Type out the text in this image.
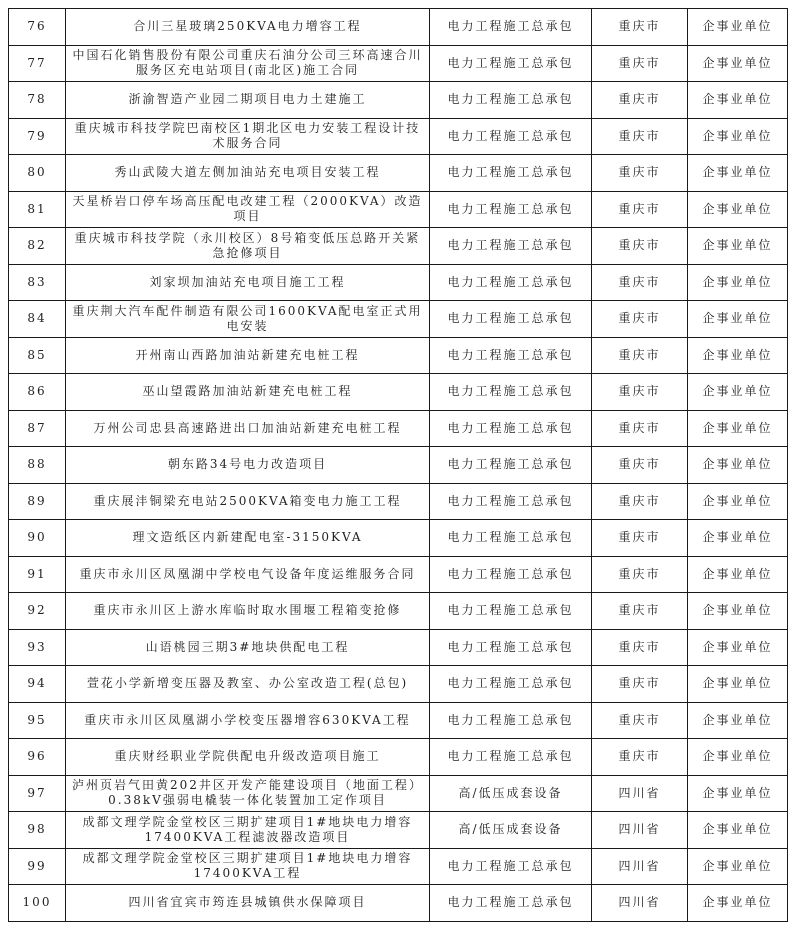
76	合川三星玻璃250KVA电力增容工程	电力工程施工总承包	重庆市	企事业单位
77	中国石化销售股份有限公司重庆石油分公司三环高速合川服务区充电站项目(南北区)施工合同	电力工程施工总承包	重庆市	企事业单位
78	浙渝智造产业园二期项目电力土建施工	电力工程施工总承包	重庆市	企事业单位
79	重庆城市科技学院巴南校区1期北区电力安装工程设计技术服务合同	电力工程施工总承包	重庆市	企事业单位
80	秀山武陵大道左侧加油站充电项目安装工程	电力工程施工总承包	重庆市	企事业单位
81	天星桥岩口停车场高压配电改建工程（2000KVA）改造项目	电力工程施工总承包	重庆市	企事业单位
82	重庆城市科技学院（永川校区）8号箱变低压总路开关紧急抢修项目	电力工程施工总承包	重庆市	企事业单位
83	刘家坝加油站充电项目施工工程	电力工程施工总承包	重庆市	企事业单位
84	重庆荆大汽车配件制造有限公司1600KVA配电室正式用电安装	电力工程施工总承包	重庆市	企事业单位
85	开州南山西路加油站新建充电桩工程	电力工程施工总承包	重庆市	企事业单位
86	巫山望霞路加油站新建充电桩工程	电力工程施工总承包	重庆市	企事业单位
87	万州公司忠县高速路进出口加油站新建充电桩工程	电力工程施工总承包	重庆市	企事业单位
88	朝东路34号电力改造项目	电力工程施工总承包	重庆市	企事业单位
89	重庆展沣铜梁充电站2500KVA箱变电力施工工程	电力工程施工总承包	重庆市	企事业单位
90	理文造纸区内新建配电室-3150KVA	电力工程施工总承包	重庆市	企事业单位
91	重庆市永川区凤凰湖中学校电气设备年度运维服务合同	电力工程施工总承包	重庆市	企事业单位
92	重庆市永川区上游水库临时取水围堰工程箱变抢修	电力工程施工总承包	重庆市	企事业单位
93	山语桃园三期3#地块供配电工程	电力工程施工总承包	重庆市	企事业单位
94	萱花小学新增变压器及教室、办公室改造工程(总包)	电力工程施工总承包	重庆市	企事业单位
95	重庆市永川区凤凰湖小学校变压器增容630KVA工程	电力工程施工总承包	重庆市	企事业单位
96	重庆财经职业学院供配电升级改造项目施工	电力工程施工总承包	重庆市	企事业单位
97	泸州页岩气田黄202井区开发产能建设项目（地面工程）0.38kV强弱电橇装一体化装置加工定作项目	高/低压成套设备	四川省	企事业单位
98	成都文理学院金堂校区三期扩建项目1#地块电力增容17400KVA工程滤波器改造项目	高/低压成套设备	四川省	企事业单位
99	成都文理学院金堂校区三期扩建项目1#地块电力增容17400KVA工程	电力工程施工总承包	四川省	企事业单位
100	四川省宜宾市筠连县城镇供水保障项目	电力工程施工总承包	四川省	企事业单位
